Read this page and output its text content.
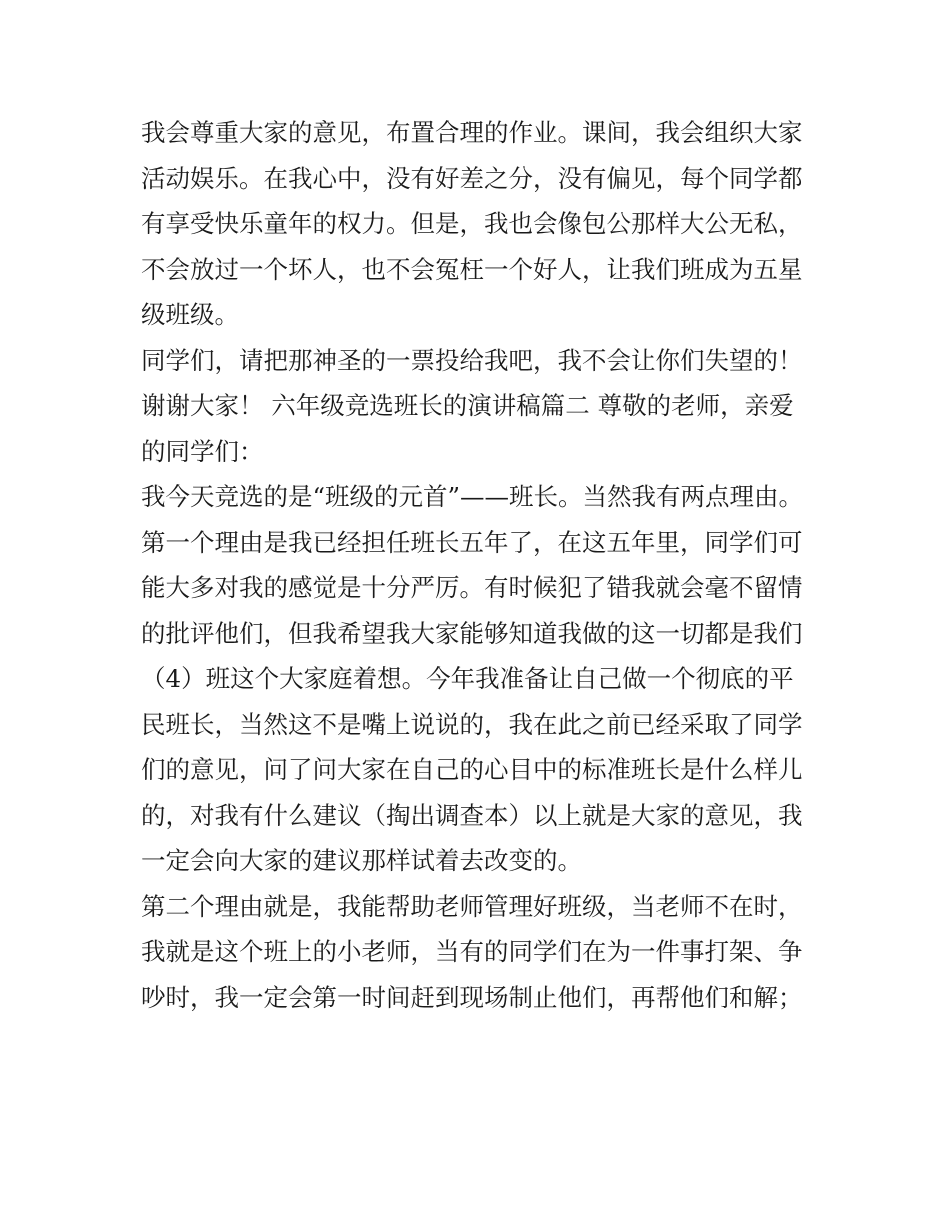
我会尊重大家的意见，布置合理的作业。课间，我会组织大家
活动娱乐。在我心中，没有好差之分，没有偏见，每个同学都
有享受快乐童年的权力。但是，我也会像包公那样大公无私，
不会放过一个坏人，也不会冤枉一个好人，让我们班成为五星
级班级。
同学们，请把那神圣的一票投给我吧，我不会让你们失望的！
谢谢大家！ 六年级竞选班长的演讲稿篇二 尊敬的老师，亲爱
的同学们：
我今天竞选的是“班级的元首”——班长。当然我有两点理由。
第一个理由是我已经担任班长五年了，在这五年里，同学们可
能大多对我的感觉是十分严厉。有时候犯了错我就会毫不留情
的批评他们，但我希望我大家能够知道我做的这一切都是我们
（4）班这个大家庭着想。今年我准备让自己做一个彻底的平
民班长，当然这不是嘴上说说的，我在此之前已经采取了同学
们的意见，问了问大家在自己的心目中的标准班长是什么样儿
的，对我有什么建议（掏出调查本）以上就是大家的意见，我
一定会向大家的建议那样试着去改变的。
第二个理由就是，我能帮助老师管理好班级，当老师不在时，
我就是这个班上的小老师，当有的同学们在为一件事打架、争
吵时，我一定会第一时间赶到现场制止他们，再帮他们和解；
